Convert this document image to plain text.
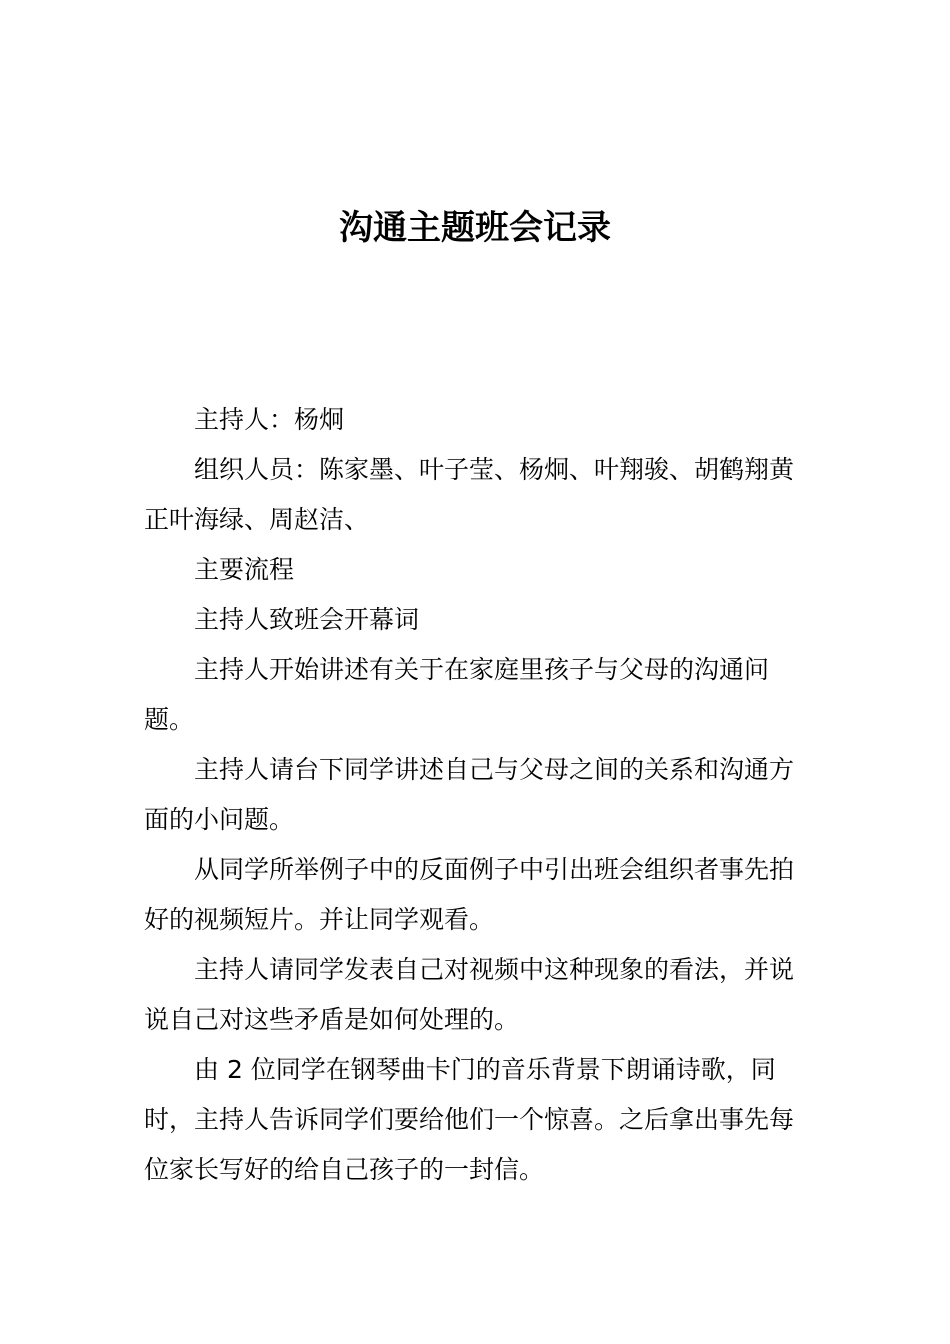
沟通主题班会记录

主持人：杨炯

组织人员：陈家墨、叶子莹、杨炯、叶翔骏、胡鹤翔黄正叶海绿、周赵洁、

主要流程

主持人致班会开幕词

主持人开始讲述有关于在家庭里孩子与父母的沟通问题。

主持人请台下同学讲述自己与父母之间的关系和沟通方面的小问题。

从同学所举例子中的反面例子中引出班会组织者事先拍好的视频短片。并让同学观看。

主持人请同学发表自己对视频中这种现象的看法，并说说自己对这些矛盾是如何处理的。

由 2 位同学在钢琴曲卡门的音乐背景下朗诵诗歌，同时，主持人告诉同学们要给他们一个惊喜。之后拿出事先每位家长写好的给自己孩子的一封信。
